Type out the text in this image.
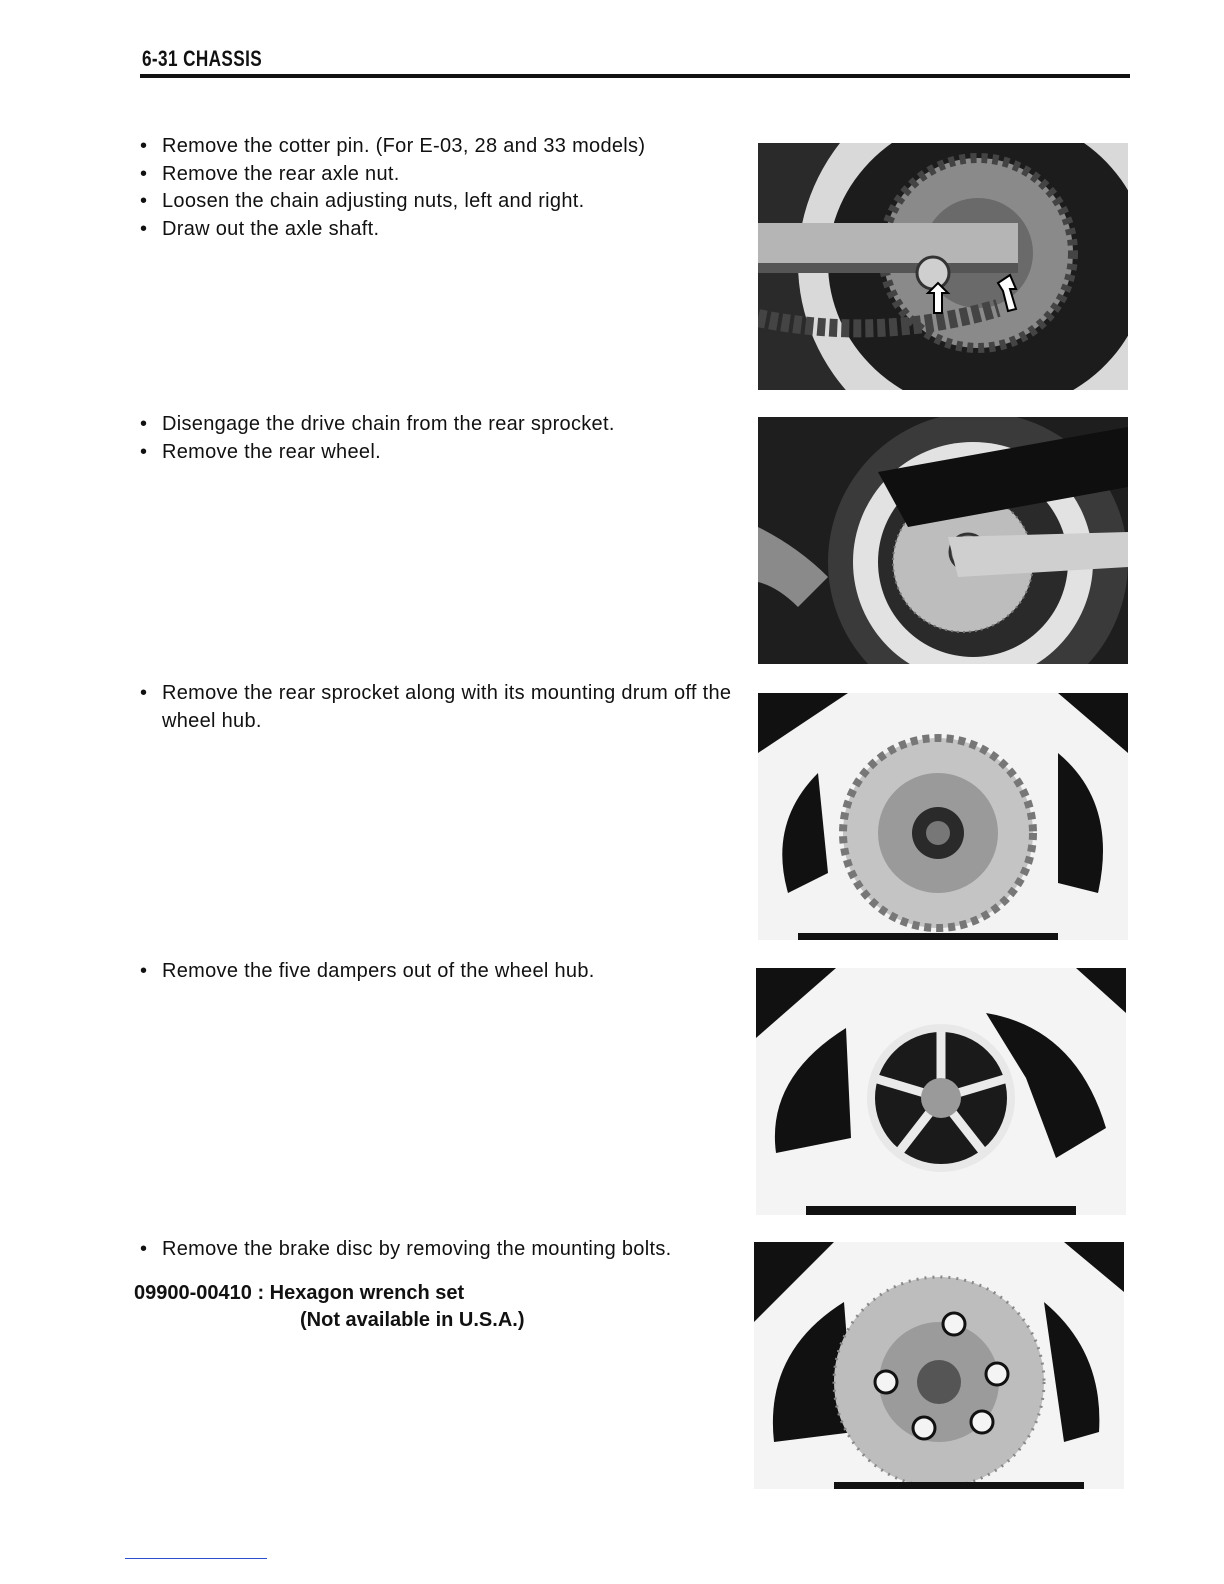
6-31 CHASSIS
• Remove the cotter pin. (For E-03, 28 and 33 models)
• Remove the rear axle nut.
• Loosen the chain adjusting nuts, left and right.
• Draw out the axle shaft.
• Disengage the drive chain from the rear sprocket.
• Remove the rear wheel.
• Remove the rear sprocket along with its mounting drum off the wheel hub.
• Remove the five dampers out of the wheel hub.
• Remove the brake disc by removing the mounting bolts.
09900-00410 : Hexagon wrench set
(Not available in U.S.A.)
